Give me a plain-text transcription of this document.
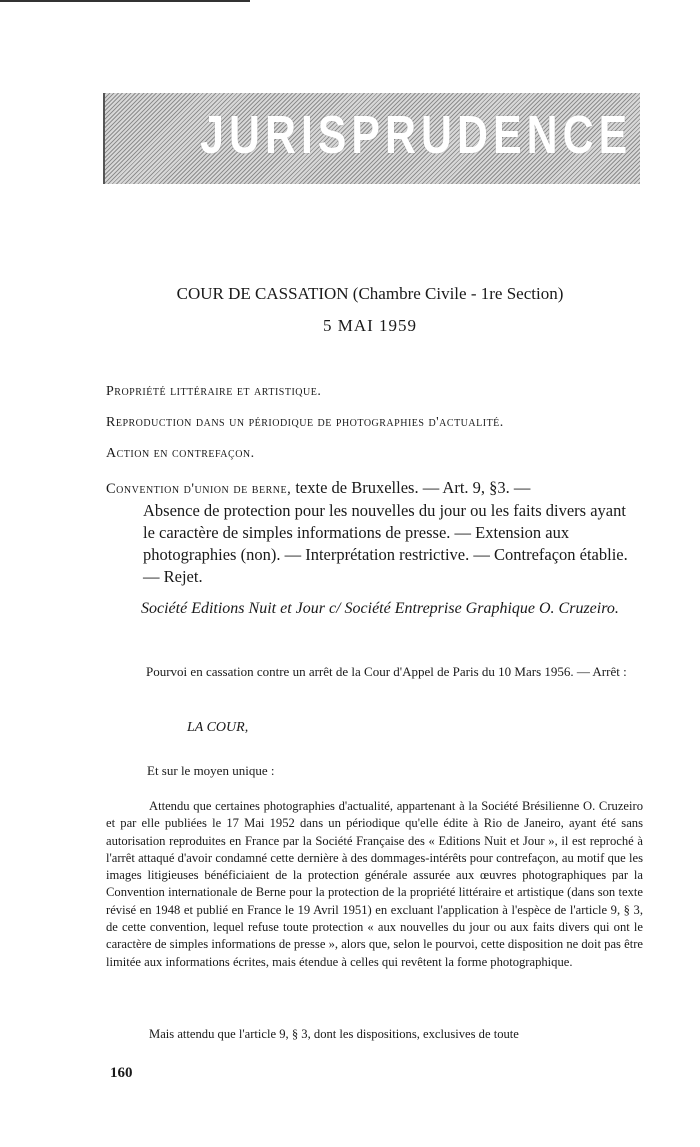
JURISPRUDENCE
COUR DE CASSATION (Chambre Civile - 1re Section)
5 MAI 1959
Propriété littéraire et artistique.
Reproduction dans un périodique de photographies d'actualité.
Action en contrefaçon.
Convention d'union de berne, texte de Bruxelles. — Art. 9, §3. —
Absence de protection pour les nouvelles du jour ou les faits divers ayant le caractère de simples informations de presse. — Extension aux photographies (non). — Interprétation restrictive. — Contrefaçon établie. — Rejet.
Société Editions Nuit et Jour c/ Société Entreprise Graphique O. Cruzeiro.
Pourvoi en cassation contre un arrêt de la Cour d'Appel de Paris du 10 Mars 1956. — Arrêt :
LA COUR,
Et sur le moyen unique :
Attendu que certaines photographies d'actualité, appartenant à la Société Brésilienne O. Cruzeiro et par elle publiées le 17 Mai 1952 dans un périodique qu'elle édite à Rio de Janeiro, ayant été sans autorisation reproduites en France par la Société Française des « Editions Nuit et Jour », il est reproché à l'arrêt attaqué d'avoir condamné cette dernière à des dommages-intérêts pour contrefaçon, au motif que les images litigieuses bénéficiaient de la protection générale assurée aux œuvres photographiques par la Convention internationale de Berne pour la protection de la propriété littéraire et artistique (dans son texte révisé en 1948 et publié en France le 19 Avril 1951) en excluant l'application à l'espèce de l'article 9, § 3, de cette convention, lequel refuse toute protection « aux nouvelles du jour ou aux faits divers qui ont le caractère de simples informations de presse », alors que, selon le pourvoi, cette disposition ne doit pas être limitée aux informations écrites, mais étendue à celles qui revêtent la forme photographique.
Mais attendu que l'article 9, § 3, dont les dispositions, exclusives de toute
160
